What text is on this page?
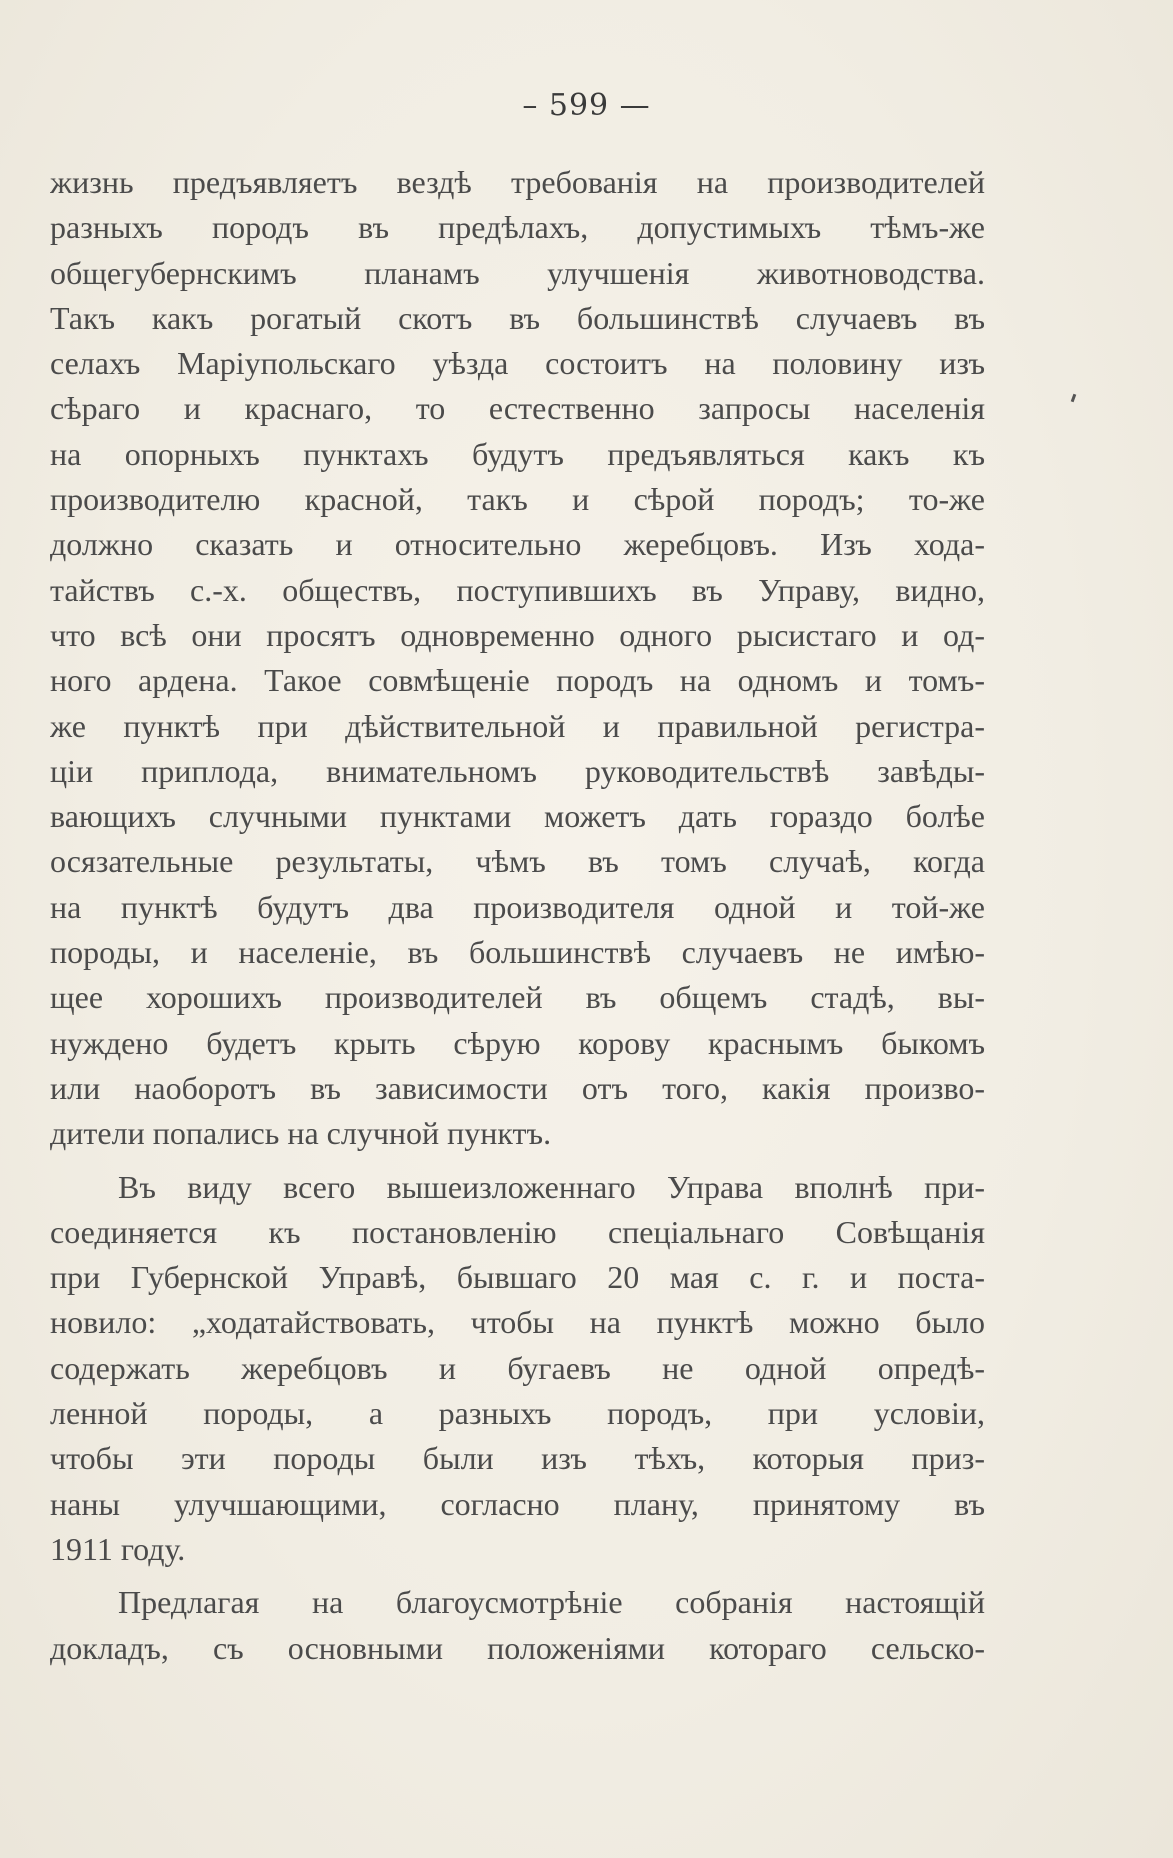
– 599 —
жизнь предъявляетъ вездѣ требованія на производителей
разныхъ породъ въ предѣлахъ, допустимыхъ тѣмъ-же
общегубернскимъ планамъ улучшенія животноводства.
Такъ какъ рогатый скотъ въ большинствѣ случаевъ въ
селахъ Маріупольскаго уѣзда состоитъ на половину изъ
сѣраго и краснаго, то естественно запросы населенія
на опорныхъ пунктахъ будутъ предъявляться какъ къ
производителю красной, такъ и сѣрой породъ; то-же
должно сказать и относительно жеребцовъ. Изъ хода-
тайствъ с.-х. обществъ, поступившихъ въ Управу, видно,
что всѣ они просятъ одновременно одного рысистаго и од-
ного ардена. Такое совмѣщеніе породъ на одномъ и томъ-
же пунктѣ при дѣйствительной и правильной регистра-
ціи приплода, внимательномъ руководительствѣ завѣды-
вающихъ случными пунктами можетъ дать гораздо болѣе
осязательные результаты, чѣмъ въ томъ случаѣ, когда
на пунктѣ будутъ два производителя одной и той-же
породы, и населеніе, въ большинствѣ случаевъ не имѣю-
щее хорошихъ производителей въ общемъ стадѣ, вы-
нуждено будетъ крыть сѣрую корову краснымъ быкомъ
или наоборотъ въ зависимости отъ того, какія произво-
дители попались на случной пунктъ.
Въ виду всего вышеизложеннаго Управа вполнѣ при-
соединяется къ постановленію спеціальнаго Совѣщанія
при Губернской Управѣ, бывшаго 20 мая с. г. и поста-
новило: „ходатайствовать, чтобы на пунктѣ можно было
содержать жеребцовъ и бугаевъ не одной опредѣ-
ленной породы, а разныхъ породъ, при условіи,
чтобы эти породы были изъ тѣхъ, которыя приз-
наны улучшающими, согласно плану, принятому въ
1911 году.
Предлагая на благоусмотрѣніе собранія настоящій
докладъ, съ основными положеніями котораго сельско-
